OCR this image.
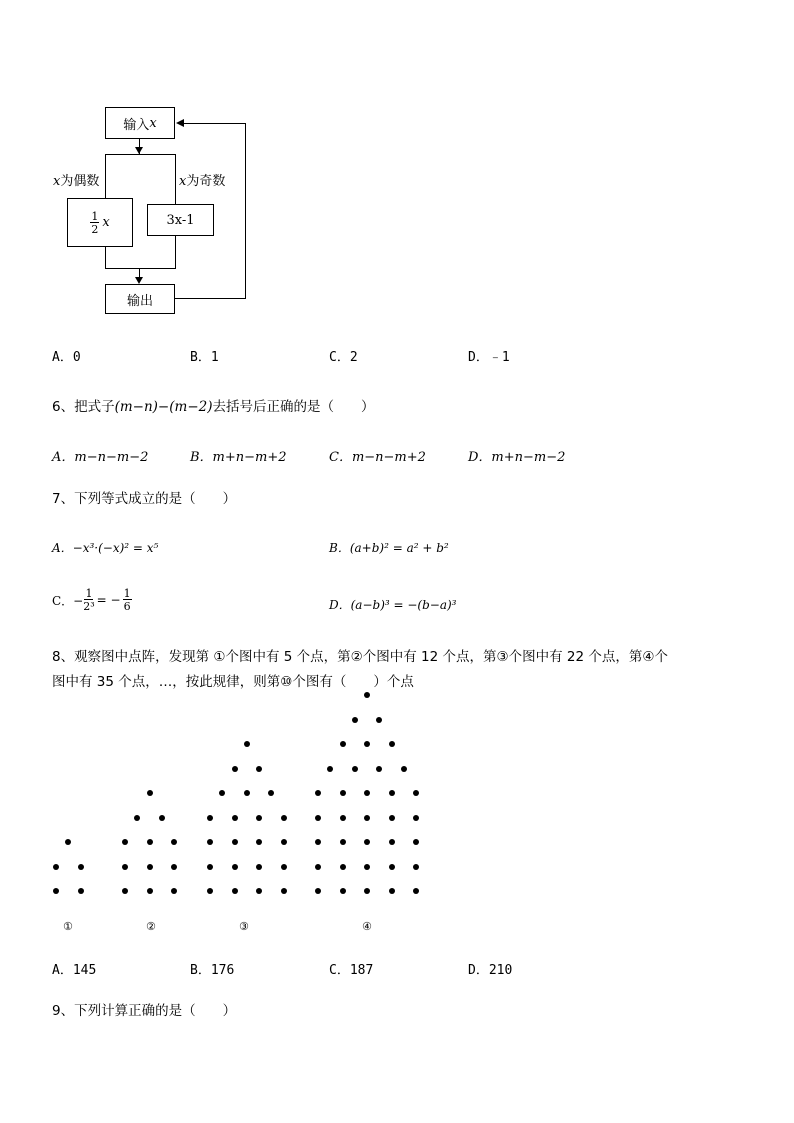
输入 x
x为偶数	x为奇数
$\frac{1}{2}$ x	3x-1
输出
A．0	B．1	C．2	D．﹣1
6、把式子(m−n)−(m−2)去括号后正确的是（　　）
A．m−n−m−2	B．m+n−m+2	C．m−n−m+2	D．m+n−m−2
7、下列等式成立的是（　　）
A．−x³·(−x)² = x⁵	B．(a+b)² = a² + b²
C．− $\frac{1}{\text{2³}}$ = − $\frac{1}{6}$	D．(a−b)³ = −(b−a)³
8、观察图中点阵，发现第 ①个图中有 5 个点，第②个图中有 12 个点，第③个图中有 22 个点，第④个
图中有 35 个点，…，按此规律，则第⑩个图有（　　）个点
①	②	③	④
A．145	B．176	C．187	D．210
9、下列计算正确的是（　　）
